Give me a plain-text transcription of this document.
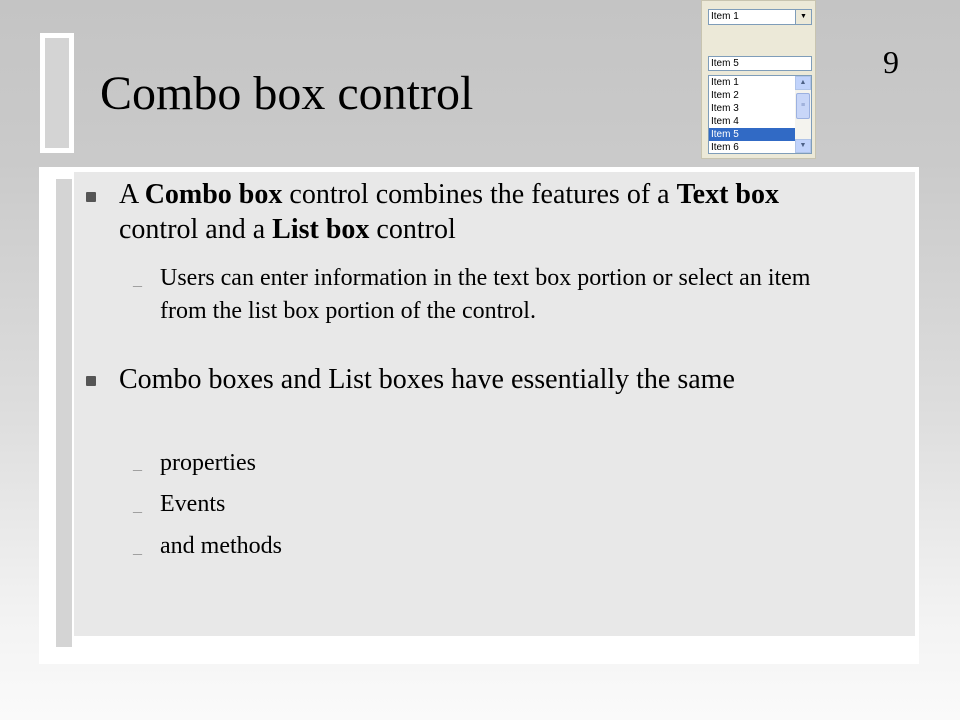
Combo box control
9
Item 1	▼
Item 5
Item 1
Item 2
Item 3
Item 4
Item 5
Item 6
▲
≡
▼
A Combo box control combines the features of a Text box control and a List box control
– Users can enter information in the text box portion or select an item from the list box portion of the control.
Combo boxes and List boxes have essentially the same
– properties
– Events
– and methods
